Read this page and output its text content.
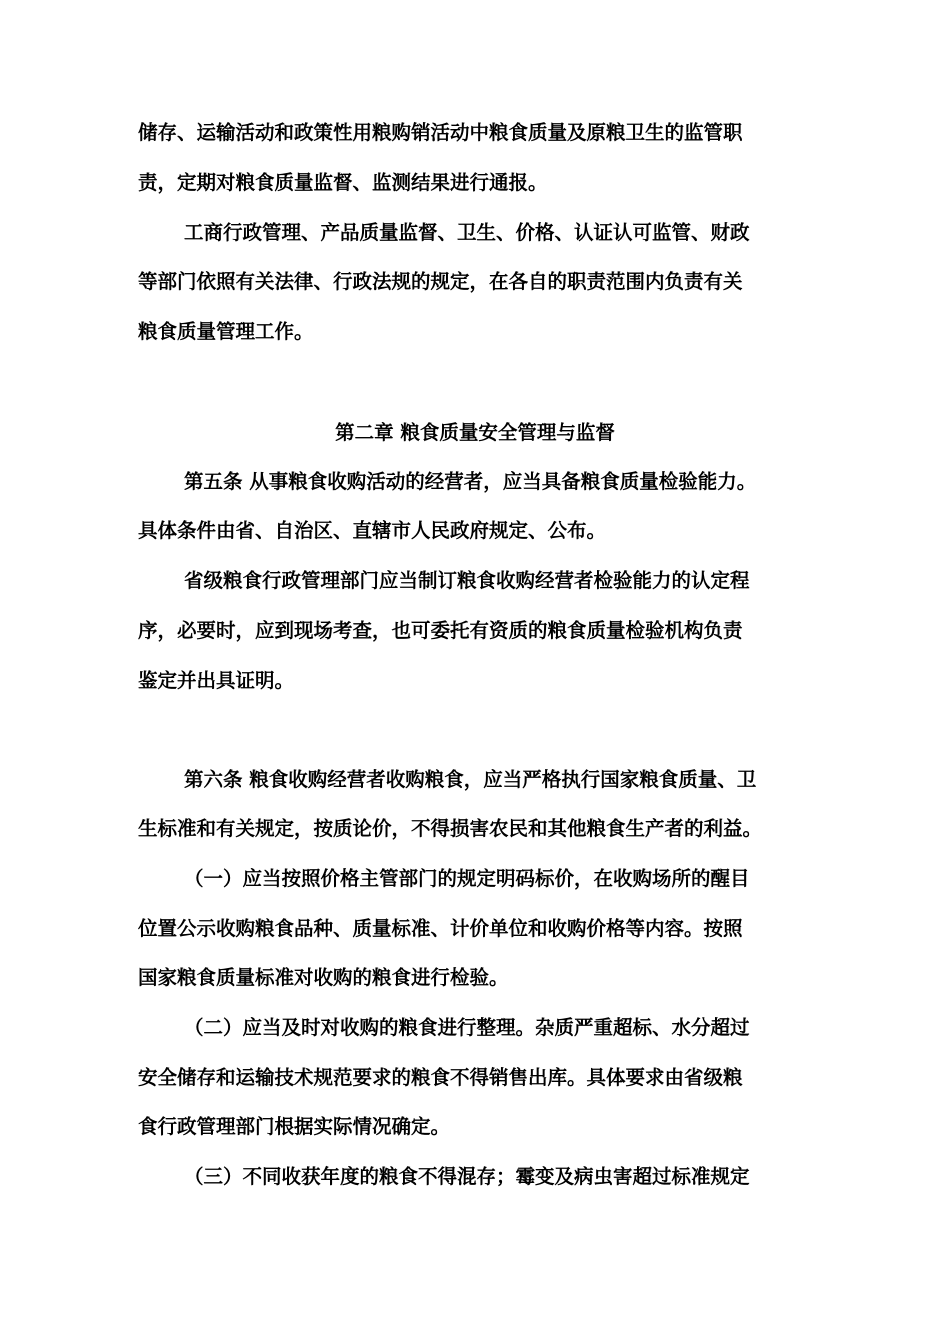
储存、运输活动和政策性用粮购销活动中粮食质量及原粮卫生的监管职
责，定期对粮食质量监督、监测结果进行通报。
工商行政管理、产品质量监督、卫生、价格、认证认可监管、财政
等部门依照有关法律、行政法规的规定，在各自的职责范围内负责有关
粮食质量管理工作。
第二章 粮食质量安全管理与监督
第五条 从事粮食收购活动的经营者，应当具备粮食质量检验能力。
具体条件由省、自治区、直辖市人民政府规定、公布。
省级粮食行政管理部门应当制订粮食收购经营者检验能力的认定程
序，必要时，应到现场考查，也可委托有资质的粮食质量检验机构负责
鉴定并出具证明。
第六条 粮食收购经营者收购粮食，应当严格执行国家粮食质量、卫
生标准和有关规定，按质论价，不得损害农民和其他粮食生产者的利益。
（一）应当按照价格主管部门的规定明码标价，在收购场所的醒目
位置公示收购粮食品种、质量标准、计价单位和收购价格等内容。按照
国家粮食质量标准对收购的粮食进行检验。
（二）应当及时对收购的粮食进行整理。杂质严重超标、水分超过
安全储存和运输技术规范要求的粮食不得销售出库。具体要求由省级粮
食行政管理部门根据实际情况确定。
（三）不同收获年度的粮食不得混存；霉变及病虫害超过标准规定
